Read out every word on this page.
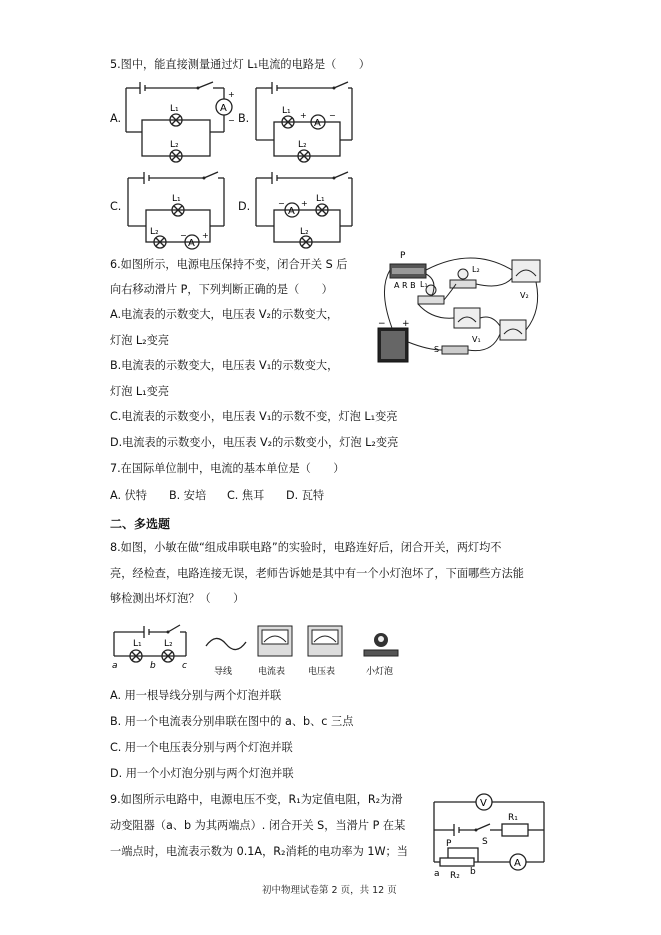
5.图中，能直接测量通过灯 L₁电流的电路是（　　）
A.
A
+
−
L₁
L₂
B.
L₁ +
A
−
L₂
C.
L₁
L₂	−
A
+
D.	−
A
+ L₁
L₂
6.如图所示，电源电压保持不变，闭合开关 S 后
向右移动滑片 P，下列判断正确的是（　　）
A.电流表的示数变大，电压表 V₂的示数变大，
灯泡 L₂变亮
B.电流表的示数变大，电压表 V₁的示数变大，
灯泡 L₁变亮
C.电流表的示数变小，电压表 V₁的示数不变，灯泡 L₁变亮
D.电流表的示数变小，电压表 V₂的示数变小，灯泡 L₂变亮
P
A R B L₁
L₂
V₂
V₁
− +
S
7.在国际单位制中，电流的基本单位是（　　）
A. 伏特 B. 安培 C. 焦耳 D. 瓦特
二、多选题
8.如图，小敏在做“组成串联电路”的实验时，电路连好后，闭合开关，两灯均不
亮，经检查，电路连接无误，老师告诉她是其中有一个小灯泡坏了，下面哪些方法能
够检测出坏灯泡？（　　）
L₁ L₂
a	b	c
导线	电流表	电压表	小灯泡
A. 用一根导线分别与两个灯泡并联
B. 用一个电流表分别串联在图中的 a、b、c 三点
C. 用一个电压表分别与两个灯泡并联
D. 用一个小灯泡分别与两个灯泡并联
9.如图所示电路中，电源电压不变，R₁为定值电阻，R₂为滑
动变阻器（a、b 为其两端点）. 闭合开关 S，当滑片 P 在某
一端点时，电流表示数为 0.1A，R₂消耗的电功率为 1W；当
V
S
R₁
P
a R₂ b
A
初中物理试卷第 2 页，共 12 页
